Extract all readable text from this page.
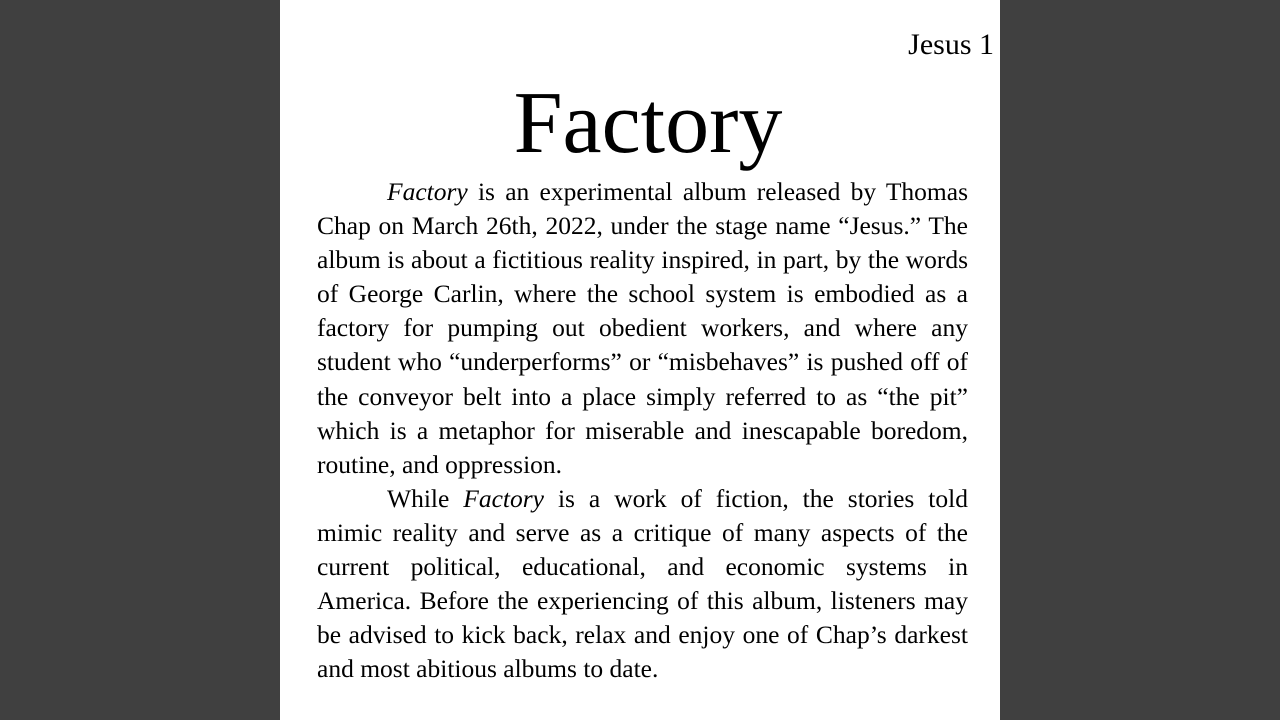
Jesus 1
Factory

Factory is an experimental album released by Thomas Chap on March 26th, 2022, under the stage name “Jesus.” The album is about a fictitious reality inspired, in part, by the words of George Carlin, where the school system is embodied as a factory for pumping out obedient workers, and where any student who “underperforms” or “misbehaves” is pushed off of the conveyor belt into a place simply referred to as “the pit” which is a metaphor for miserable and inescapable boredom, routine, and oppression.

While Factory is a work of fiction, the stories told mimic reality and serve as a critique of many aspects of the current political, educational, and economic systems in America. Before the experiencing of this album, listeners may be advised to kick back, relax and enjoy one of Chap’s darkest and most abitious albums to date.
